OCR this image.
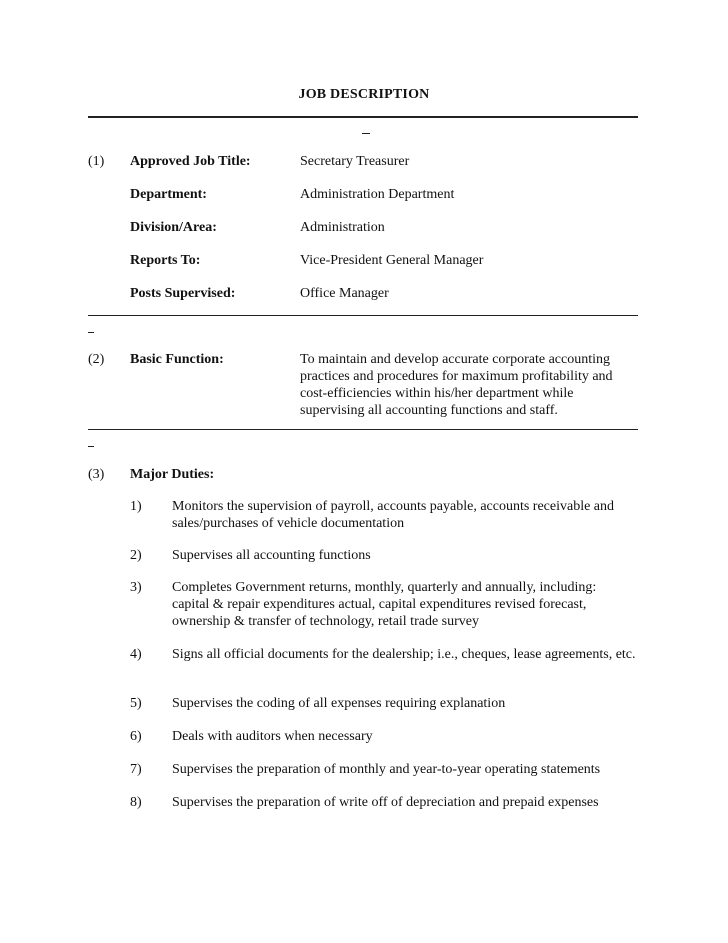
JOB DESCRIPTION
(1) Approved Job Title:	Secretary Treasurer
Department:	Administration Department
Division/Area:	Administration
Reports To:	Vice-President General Manager
Posts Supervised:	Office Manager
(2) Basic Function:	To maintain and develop accurate corporate accounting practices and procedures for maximum profitability and cost-efficiencies within his/her department while supervising all accounting functions and staff.
(3) Major Duties:
1) Monitors the supervision of payroll, accounts payable, accounts receivable and sales/purchases of vehicle documentation
2) Supervises all accounting functions
3) Completes Government returns, monthly, quarterly and annually, including: capital & repair expenditures actual, capital expenditures revised forecast, ownership & transfer of technology, retail trade survey
4) Signs all official documents for the dealership; i.e., cheques, lease agreements, etc.
5) Supervises the coding of all expenses requiring explanation
6) Deals with auditors when necessary
7) Supervises the preparation of monthly and year-to-year operating statements
8) Supervises the preparation of write off of depreciation and prepaid expenses
